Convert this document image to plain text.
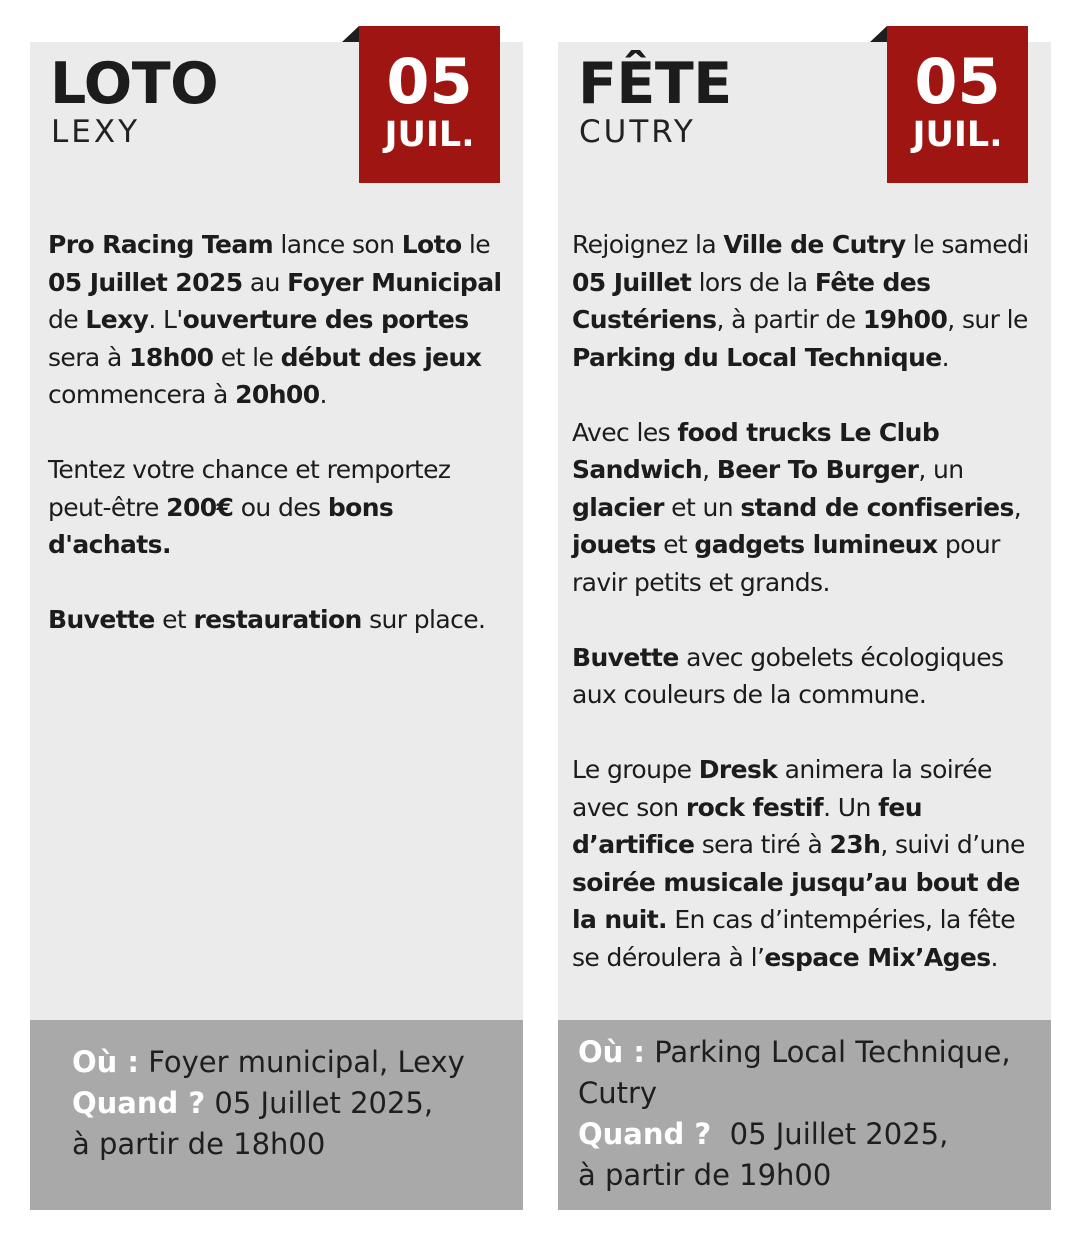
LOTO
LEXY
05
JUIL.

Pro Racing Team lance son Loto le 05 Juillet 2025 au Foyer Municipal de Lexy. L'ouverture des portes sera à 18h00 et le début des jeux commencera à 20h00.

Tentez votre chance et remportez peut-être 200€ ou des bons d'achats.

Buvette et restauration sur place.

Où : Foyer municipal, Lexy
Quand ? 05 Juillet 2025,
à partir de 18h00
FÊTE
CUTRY
05
JUIL.

Rejoignez la Ville de Cutry le samedi 05 Juillet lors de la Fête des Custériens, à partir de 19h00, sur le Parking du Local Technique.

Avec les food trucks Le Club Sandwich, Beer To Burger, un glacier et un stand de confiseries, jouets et gadgets lumineux pour ravir petits et grands.

Buvette avec gobelets écologiques aux couleurs de la commune.

Le groupe Dresk animera la soirée avec son rock festif. Un feu d’artifice sera tiré à 23h, suivi d’une soirée musicale jusqu’au bout de la nuit. En cas d’intempéries, la fête se déroulera à l’espace Mix’Ages.

Où : Parking Local Technique,
Cutry
Quand ?  05 Juillet 2025,
à partir de 19h00
